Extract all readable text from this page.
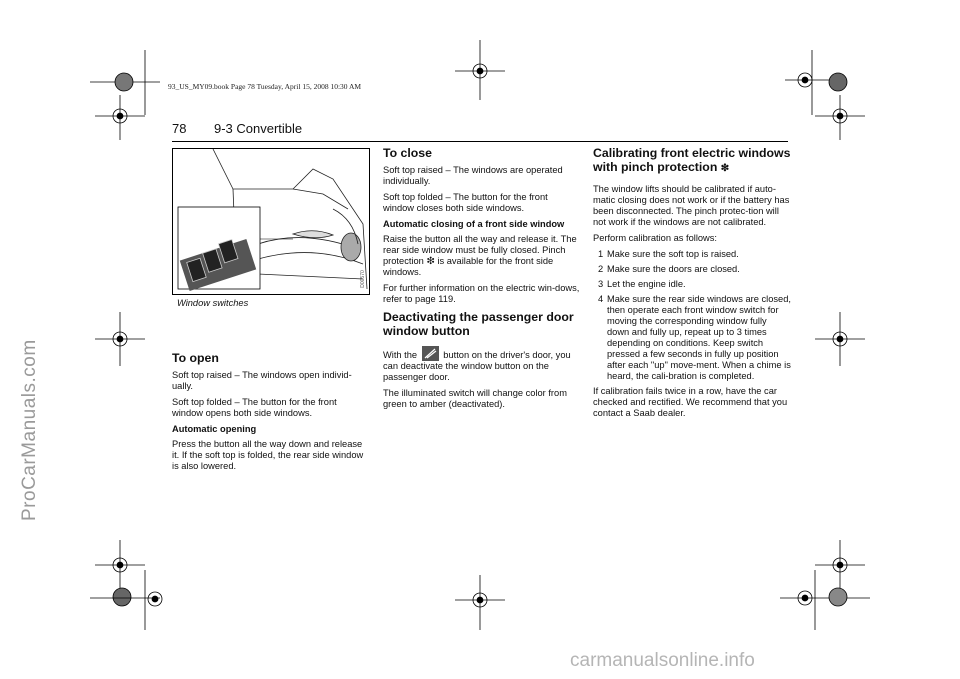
ProCarManuals.com
carmanualsonline.info
93_US_MY09.book Page 78 Tuesday, April 15, 2008 10:30 AM
78 9-3 Convertible
D00570
Window switches
To open

Soft top raised – The windows open individ-ually.

Soft top folded – The button for the front window opens both side windows.

Automatic opening

Press the button all the way down and release it. If the soft top is folded, the rear side window is also lowered.

To close

Soft top raised – The windows are operated individually.

Soft top folded – The button for the front window closes both side windows.

Automatic closing of a front side window

Raise the button all the way and release it. The rear side window must be fully closed. Pinch protection ❇ is available for the front side windows.

For further information on the electric win-dows, refer to page 119.

Deactivating the passenger door window button

With the	button on the driver's door, you can deactivate the window button on the passenger door.

The illuminated switch will change color from green to amber (deactivated).

Calibrating front electric windows with pinch protection ❇

The window lifts should be calibrated if auto-matic closing does not work or if the battery has been disconnected. The pinch protec-tion will not work if the windows are not calibrated.

Perform calibration as follows:

1 Make sure the soft top is raised.
2 Make sure the doors are closed.
3 Let the engine idle.
4 Make sure the rear side windows are closed, then operate each front window switch for moving the corresponding window fully down and fully up, repeat up to 3 times depending on conditions. Keep switch pressed a few seconds in fully up position after each "up" move-ment. When a chime is heard, the cali-bration is completed.

If calibration fails twice in a row, have the car checked and rectified. We recommend that you contact a Saab dealer.
